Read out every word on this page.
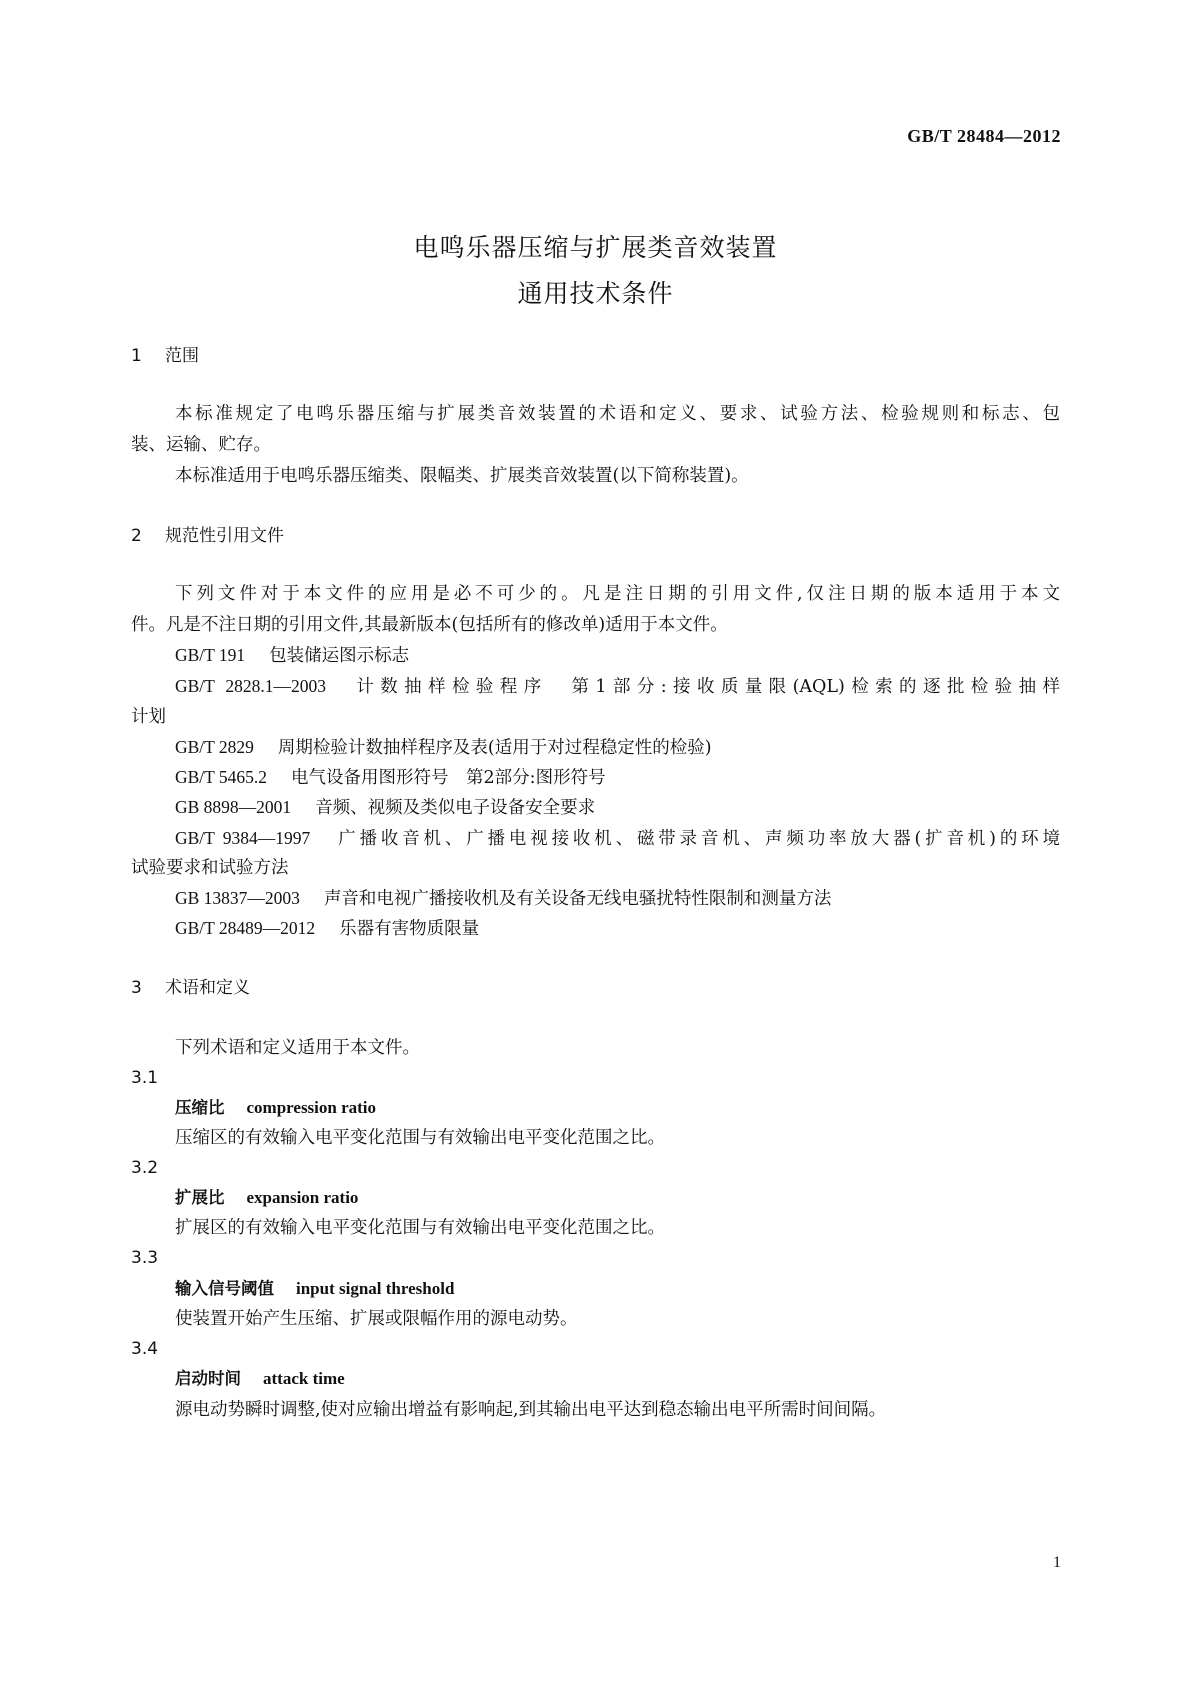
GB/T 28484—2012
电鸣乐器压缩与扩展类音效装置
通用技术条件
1 范围
本标准规定了电鸣乐器压缩与扩展类音效装置的术语和定义、要求、试验方法、检验规则和标志、包
装、运输、贮存。
本标准适用于电鸣乐器压缩类、限幅类、扩展类音效装置(以下简称装置)。
2 规范性引用文件
下列文件对于本文件的应用是必不可少的。凡是注日期的引用文件,仅注日期的版本适用于本文
件。凡是不注日期的引用文件,其最新版本(包括所有的修改单)适用于本文件。
GB/T 191 包装储运图示标志
GB/T 2828.1—2003 计数抽样检验程序　第1部分:接收质量限(AQL)检索的逐批检验抽样
计划
GB/T 2829 周期检验计数抽样程序及表(适用于对过程稳定性的检验)
GB/T 5465.2 电气设备用图形符号　第2部分:图形符号
GB 8898—2001 音频、视频及类似电子设备安全要求
GB/T 9384—1997 广播收音机、广播电视接收机、磁带录音机、声频功率放大器(扩音机)的环境
试验要求和试验方法
GB 13837—2003 声音和电视广播接收机及有关设备无线电骚扰特性限制和测量方法
GB/T 28489—2012 乐器有害物质限量
3 术语和定义
下列术语和定义适用于本文件。
3.1
压缩比 compression ratio
压缩区的有效输入电平变化范围与有效输出电平变化范围之比。
3.2
扩展比 expansion ratio
扩展区的有效输入电平变化范围与有效输出电平变化范围之比。
3.3
输入信号阈值 input signal threshold
使装置开始产生压缩、扩展或限幅作用的源电动势。
3.4
启动时间 attack time
源电动势瞬时调整,使对应输出增益有影响起,到其输出电平达到稳态输出电平所需时间间隔。
1
